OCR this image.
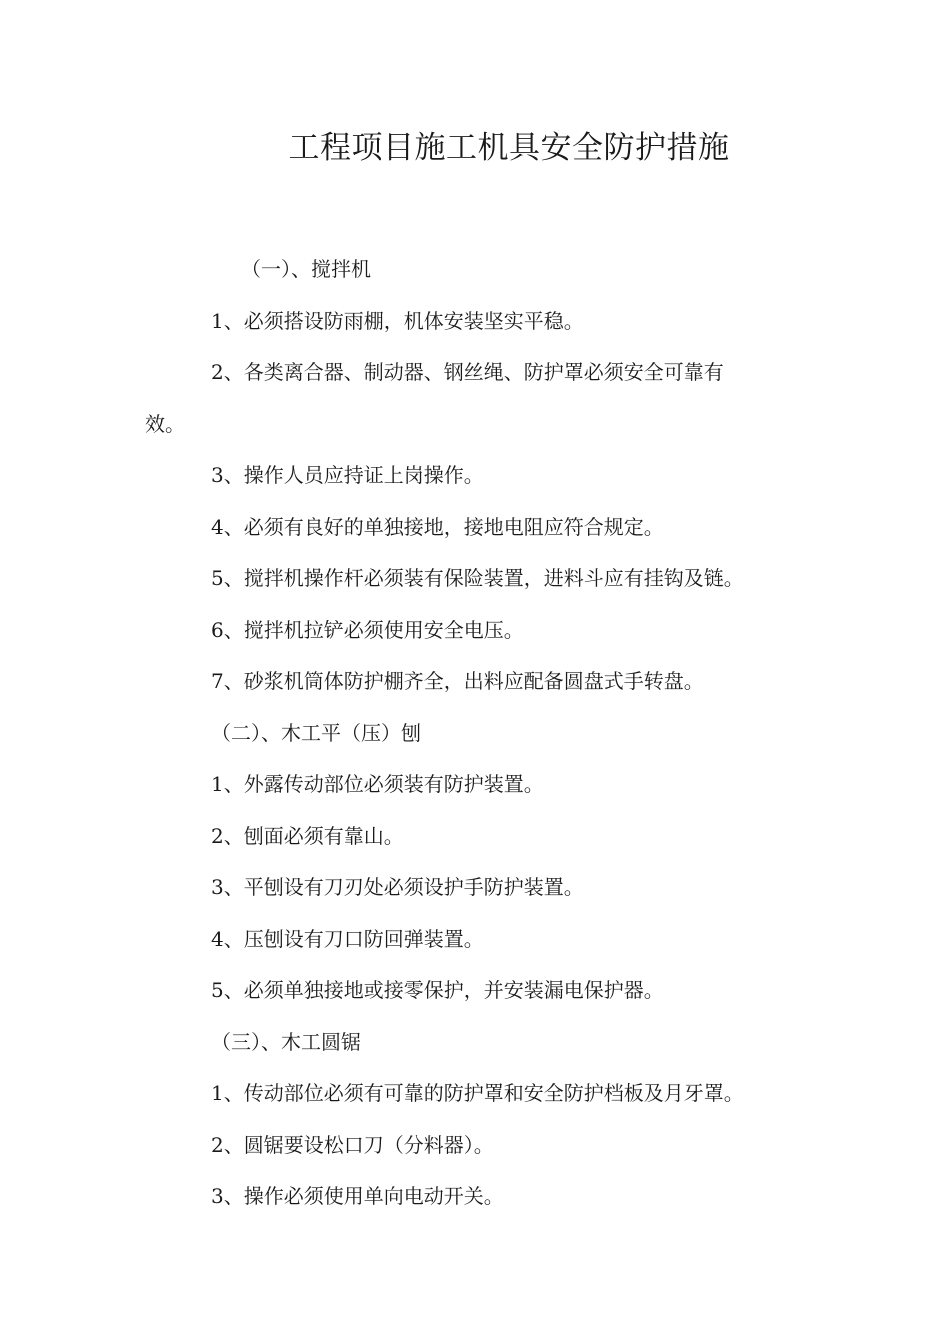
工程项目施工机具安全防护措施
（一）、搅拌机
1、必须搭设防雨棚，机体安装坚实平稳。
2、各类离合器、制动器、钢丝绳、防护罩必须安全可靠有
效。
3、操作人员应持证上岗操作。
4、必须有良好的单独接地，接地电阻应符合规定。
5、搅拌机操作杆必须装有保险装置，进料斗应有挂钩及链。
6、搅拌机拉铲必须使用安全电压。
7、砂浆机筒体防护棚齐全，出料应配备圆盘式手转盘。
（二）、木工平（压）刨
1、外露传动部位必须装有防护装置。
2、刨面必须有靠山。
3、平刨设有刀刃处必须设护手防护装置。
4、压刨设有刀口防回弹装置。
5、必须单独接地或接零保护，并安装漏电保护器。
（三）、木工圆锯
1、传动部位必须有可靠的防护罩和安全防护档板及月牙罩。
2、圆锯要设松口刀（分料器）。
3、操作必须使用单向电动开关。
